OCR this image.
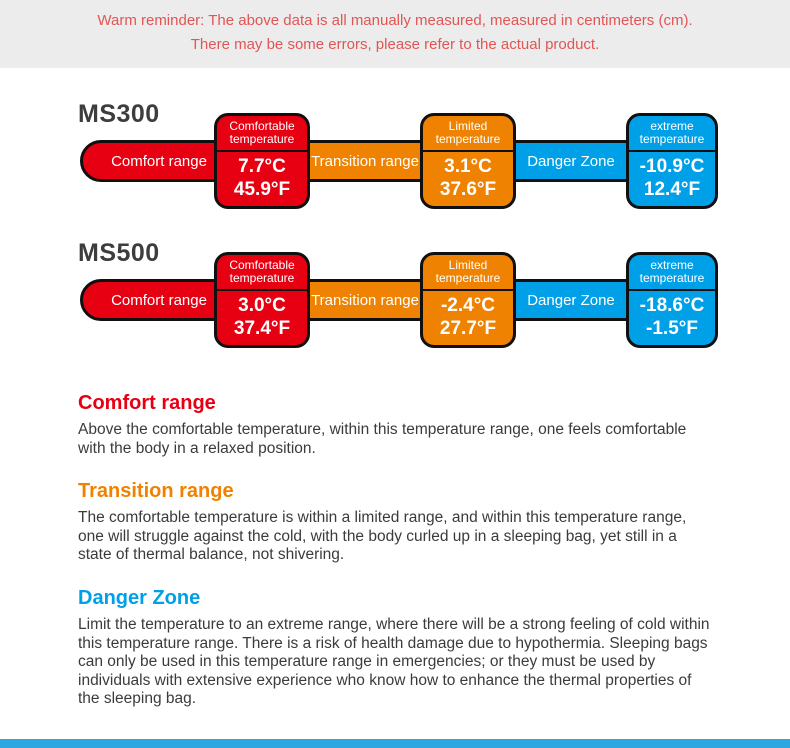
Warm reminder: The above data is all manually measured, measured in centimeters (cm).
There may be some errors, please refer to the actual product.
MS300
Comfort range
Comfortable
temperature
7.7°C
45.9°F
Transition range
Limited
temperature
3.1°C
37.6°F
Danger Zone
extreme
temperature
-10.9°C
12.4°F
MS500
Comfort range
Comfortable
temperature
3.0°C
37.4°F
Transition range
Limited
temperature
-2.4°C
27.7°F
Danger Zone
extreme
temperature
-18.6°C
-1.5°F
Comfort range

Above the comfortable temperature, within this temperature range, one feels comfortable with the body in a relaxed position.

Transition range

The comfortable temperature is within a limited range, and within this temperature range, one will struggle against the cold, with the body curled up in a sleeping bag, yet still in a state of thermal balance, not shivering.

Danger Zone

Limit the temperature to an extreme range, where there will be a strong feeling of cold within this temperature range. There is a risk of health damage due to hypothermia. Sleeping bags can only be used in this temperature range in emergencies; or they must be used by individuals with extensive experience who know how to enhance the thermal properties of the sleeping bag.
